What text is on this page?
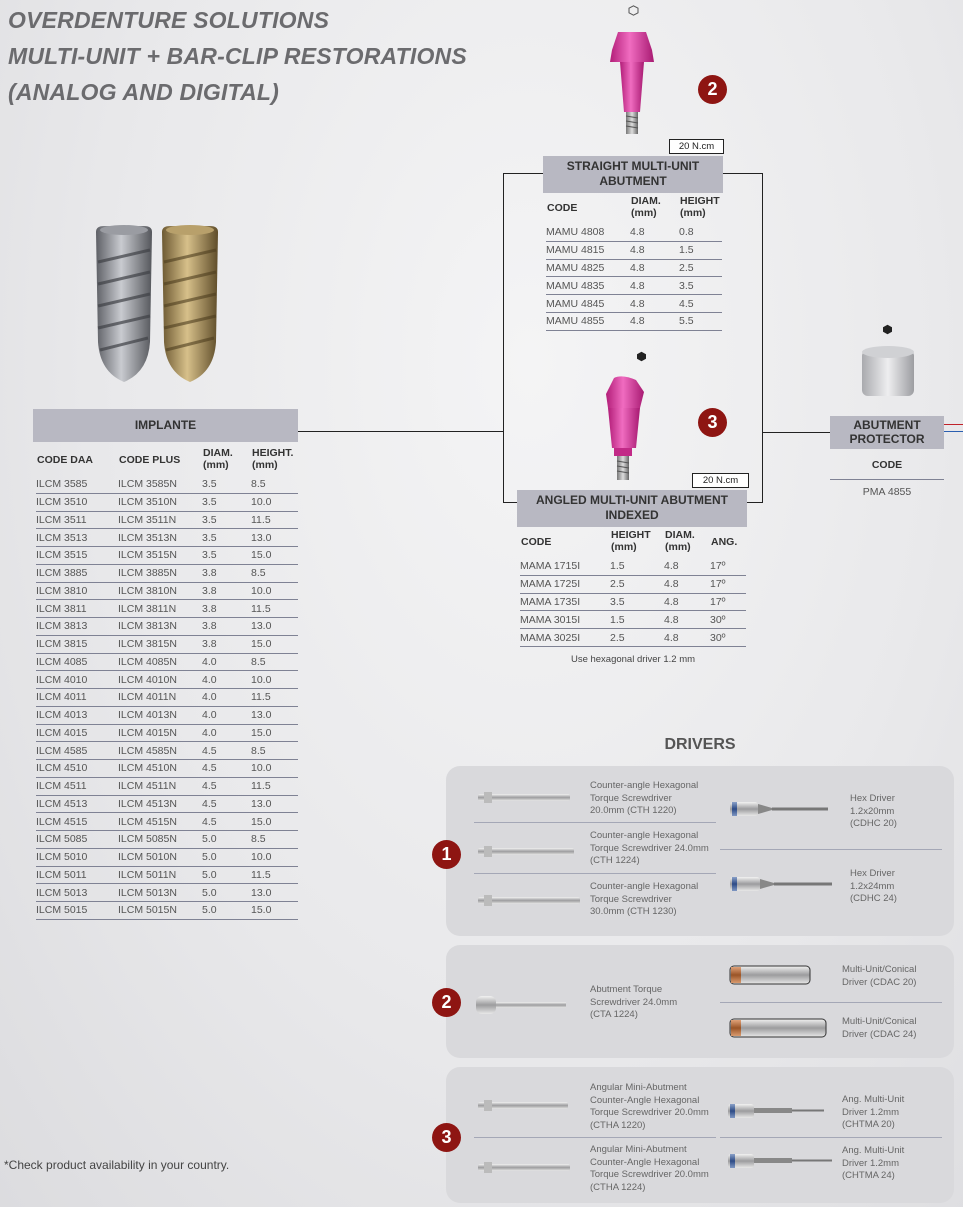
OVERDENTURE SOLUTIONS
MULTI-UNIT + BAR-CLIP RESTORATIONS
(ANALOG AND DIGITAL)
IMPLANTE
CODE DAA	CODE PLUS	DIAM. (mm)	HEIGHT. (mm)
ILCM 3585	ILCM 3585N	3.5	8.5
ILCM 3510	ILCM 3510N	3.5	10.0
ILCM 3511	ILCM 3511N	3.5	11.5
ILCM 3513	ILCM 3513N	3.5	13.0
ILCM 3515	ILCM 3515N	3.5	15.0
ILCM 3885	ILCM 3885N	3.8	8.5
ILCM 3810	ILCM 3810N	3.8	10.0
ILCM 3811	ILCM 3811N	3.8	11.5
ILCM 3813	ILCM 3813N	3.8	13.0
ILCM 3815	ILCM 3815N	3.8	15.0
ILCM 4085	ILCM 4085N	4.0	8.5
ILCM 4010	ILCM 4010N	4.0	10.0
ILCM 4011	ILCM 4011N	4.0	11.5
ILCM 4013	ILCM 4013N	4.0	13.0
ILCM 4015	ILCM 4015N	4.0	15.0
ILCM 4585	ILCM 4585N	4.5	8.5
ILCM 4510	ILCM 4510N	4.5	10.0
ILCM 4511	ILCM 4511N	4.5	11.5
ILCM 4513	ILCM 4513N	4.5	13.0
ILCM 4515	ILCM 4515N	4.5	15.0
ILCM 5085	ILCM 5085N	5.0	8.5
ILCM 5010	ILCM 5010N	5.0	10.0
ILCM 5011	ILCM 5011N	5.0	11.5
ILCM 5013	ILCM 5013N	5.0	13.0
ILCM 5015	ILCM 5015N	5.0	15.0
2
20 N.cm
STRAIGHT MULTI-UNIT ABUTMENT
CODE	DIAM. (mm)	HEIGHT (mm)
MAMU 4808	4.8	0.8
MAMU 4815	4.8	1.5
MAMU 4825	4.8	2.5
MAMU 4835	4.8	3.5
MAMU 4845	4.8	4.5
MAMU 4855	4.8	5.5
3
20 N.cm
ANGLED MULTI-UNIT ABUTMENT INDEXED
CODE	HEIGHT (mm)	DIAM. (mm)	ANG.
MAMA 1715I	1.5	4.8	17º
MAMA 1725I	2.5	4.8	17º
MAMA 1735I	3.5	4.8	17º
MAMA 3015I	1.5	4.8	30º
MAMA 3025I	2.5	4.8	30º
Use hexagonal driver 1.2 mm
ABUTMENT PROTECTOR
CODE
PMA 4855
DRIVERS
1
Counter-angle Hexagonal Torque Screwdriver 20.0mm (CTH 1220)
Counter-angle Hexagonal Torque Screwdriver 24.0mm (CTH 1224)
Counter-angle Hexagonal Torque Screwdriver 30.0mm (CTH 1230)
Hex Driver 1.2x20mm (CDHC 20)
Hex Driver 1.2x24mm (CDHC 24)
2
Abutment Torque Screwdriver 24.0mm (CTA 1224)
Multi-Unit/Conical Driver (CDAC 20)
Multi-Unit/Conical Driver (CDAC 24)
3
Angular Mini-Abutment Counter-Angle Hexagonal Torque Screwdriver 20.0mm (CTHA 1220)
Angular Mini-Abutment Counter-Angle Hexagonal Torque Screwdriver 20.0mm (CTHA 1224)
Ang. Multi-Unit Driver 1.2mm (CHTMA 20)
Ang. Multi-Unit Driver 1.2mm (CHTMA 24)
*Check product availability in your country.
